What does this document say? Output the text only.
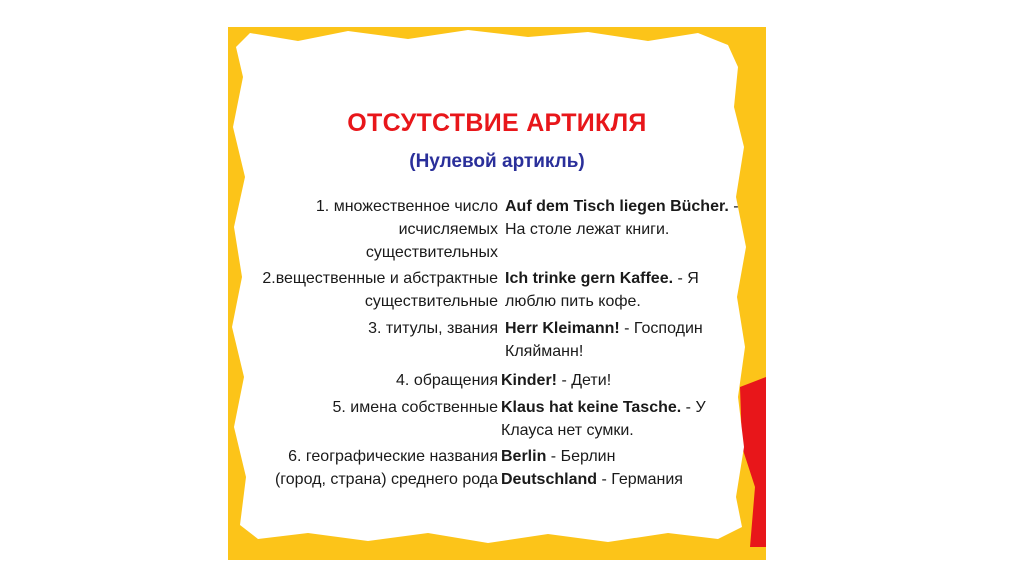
ОТСУТСТВИЕ АРТИКЛЯ
(Нулевой артикль)
1. множественное число
исчисляемых
существительных
Auf dem Tisch liegen Bücher. - На столе лежат книги.
2.вещественные и абстрактные
существительные
Ich trinke gern Kaffee. - Я люблю пить кофе.
3. титулы, звания Herr Kleimann! - Господин Кляйманн!
4. обращения Kinder! - Дети!
5. имена собственные Klaus hat keine Tasche. - У Клауса нет сумки.
6. географические названия
(город, страна) среднего рода
Berlin - Берлин
Deutschland - Германия
